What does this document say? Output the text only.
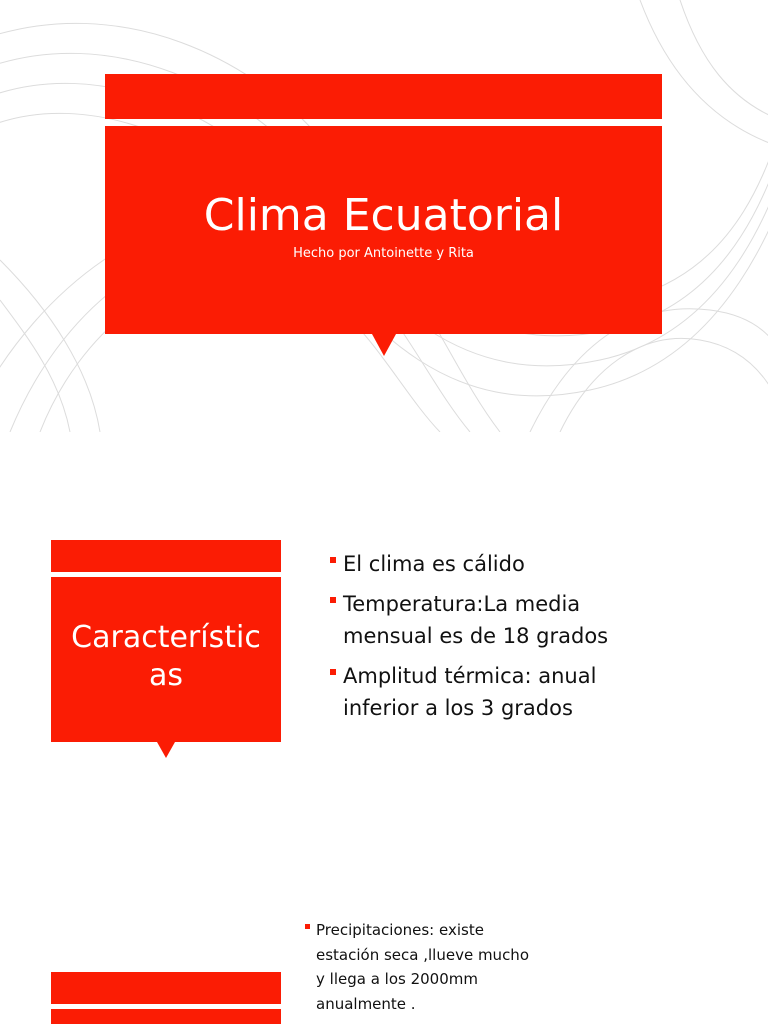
Clima Ecuatorial
Hecho por Antoinette y Rita
Características
El clima es cálido
Temperatura:La media mensual es de 18 grados
Amplitud térmica: anual inferior a los 3 grados
Precipitaciones: existe estación seca ,llueve mucho y llega a los 2000mm anualmente .
